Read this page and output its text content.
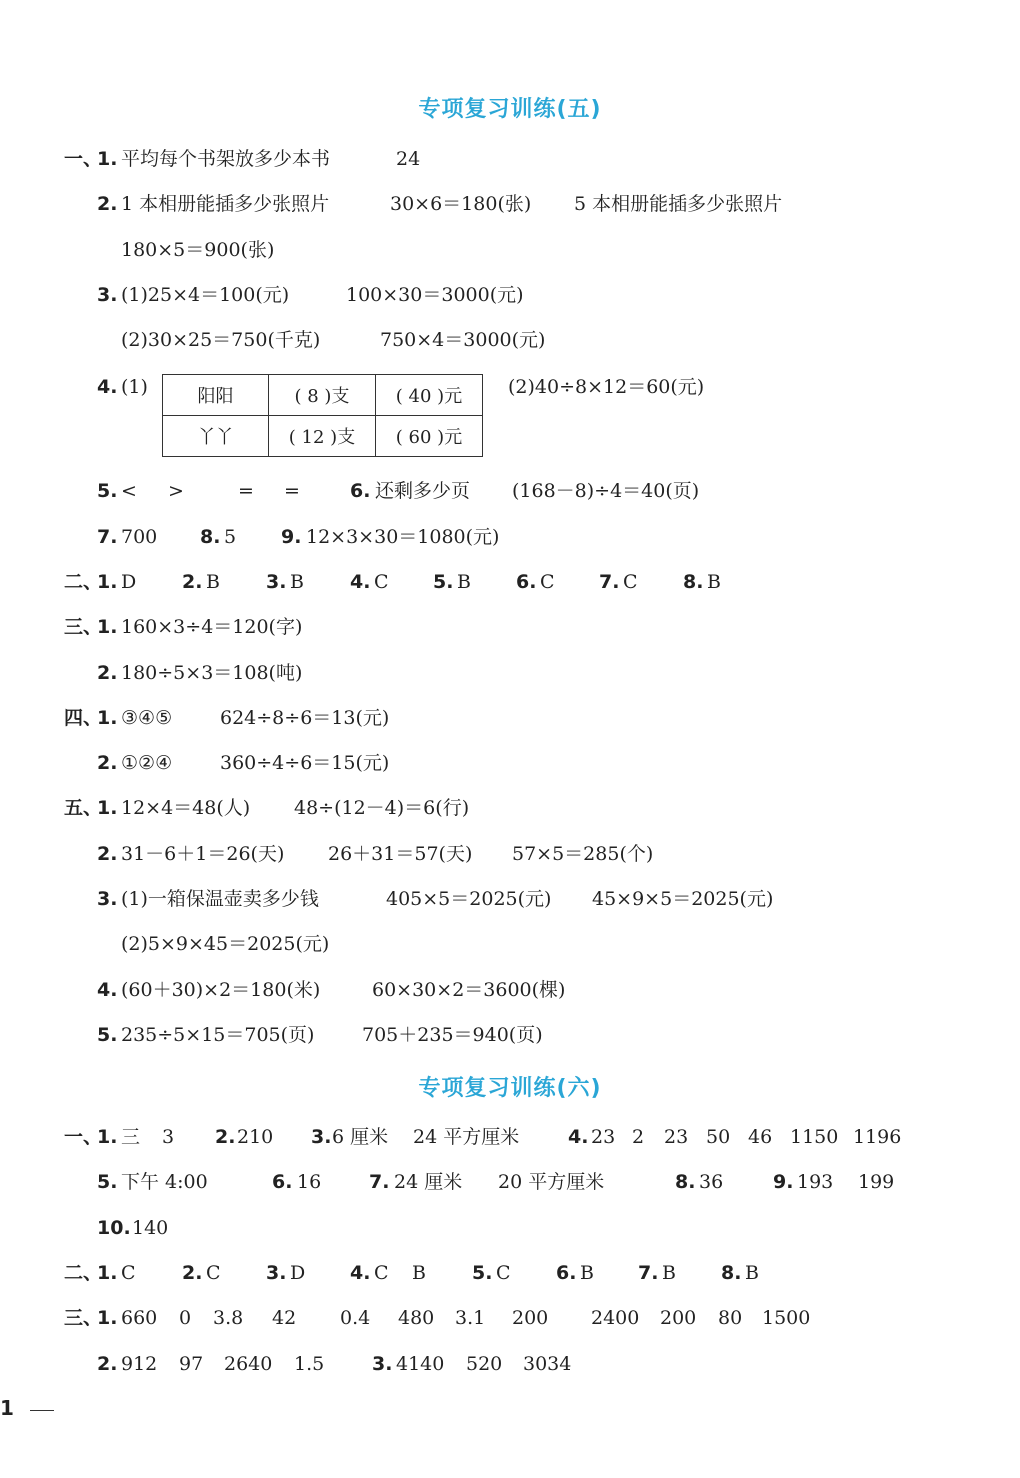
专项复习训练(五)
一、
1. 平均每个书架放多少本书	24
2. 1 本相册能插多少张照片	30×6＝180(张) 5 本相册能插多少张照片
180×5＝900(张)
3. (1)25×4＝100(元)	100×30＝3000(元)
(2)30×25＝750(千克)	750×4＝3000(元)
4. (1)	(2)40÷8×12＝60(元)
阳阳	( 8 )支	( 40 )元
丫丫	( 12 )支	( 60 )元
5. < >	= =	6. 还剩多少页 (168－8)÷4＝40(页)
7. 700 8. 5 9. 12×3×30＝1080(元)
二、
1. D 2. B 3. B 4. C 5. B 6. C 7. C 8. B
三、
1. 160×3÷4＝120(字)
2. 180÷5×3＝108(吨)
四、
1. ③④⑤	624÷8÷6＝13(元)
2. ①②④	360÷4÷6＝15(元)
五、
1. 12×4＝48(人) 48÷(12－4)＝6(行)
2. 31－6＋1＝26(天) 26＋31＝57(天) 57×5＝285(个)
3. (1)一箱保温壶卖多少钱	405×5＝2025(元) 45×9×5＝2025(元)
(2)5×9×45＝2025(元)
4. (60＋30)×2＝180(米)	60×30×2＝3600(棵)
5. 235÷5×15＝705(页)	705＋235＝940(页)
专项复习训练(六)
一、
1. 三 3 2. 210 3. 6 厘米 24 平方厘米	4. 23 2 23 50 46 1150 1196
5. 下午 4:00	6. 16	7. 24 厘米 20 平方厘米	8. 36	9. 193 199
10. 140
二、
1. C 2. C 3. D 4. C B 5. C 6. B 7. B 8. B
三、
1. 660 0 3.8 42 0.4 480 3.1 200 2400 200 80 1500
2. 912 97 2640 1.5	3. 4140 520 3034
1
